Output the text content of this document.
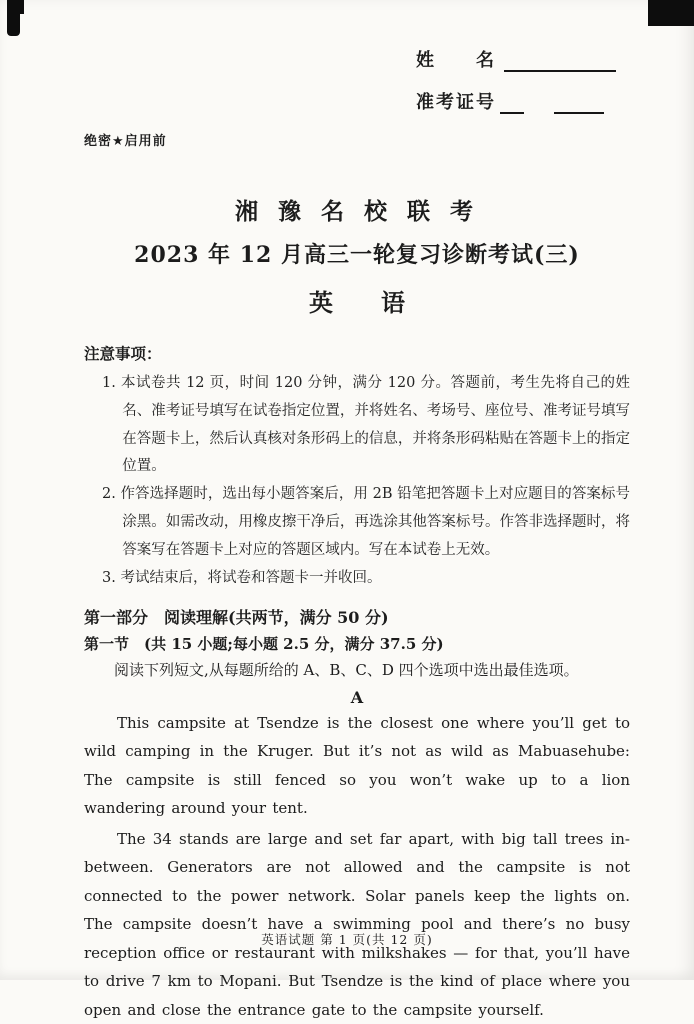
姓　　名
准考证号
绝密★启用前
湘 豫 名 校 联 考
2023 年 12 月高三一轮复习诊断考试(三)
英　　语
注意事项：
1. 本试卷共 12 页，时间 120 分钟，满分 120 分。答题前，考生先将自己的姓名、准考证号填写在试卷指定位置，并将姓名、考场号、座位号、准考证号填写在答题卡上，然后认真核对条形码上的信息，并将条形码粘贴在答题卡上的指定位置。
2. 作答选择题时，选出每小题答案后，用 2B 铅笔把答题卡上对应题目的答案标号涂黑。如需改动，用橡皮擦干净后，再选涂其他答案标号。作答非选择题时，将答案写在答题卡上对应的答题区域内。写在本试卷上无效。
3. 考试结束后，将试卷和答题卡一并收回。
第一部分　阅读理解(共两节，满分 50 分)
第一节　(共 15 小题;每小题 2.5 分，满分 37.5 分)
阅读下列短文,从每题所给的 A、B、C、D 四个选项中选出最佳选项。
A

This campsite at Tsendze is the closest one where you’ll get to wild camping in the Kruger. But it’s not as wild as Mabuasehube: The campsite is still fenced so you won’t wake up to a lion wandering around your tent.

The 34 stands are large and set far apart, with big tall trees in-between. Generators are not allowed and the campsite is not connected to the power network. Solar panels keep the lights on. The campsite doesn’t have a swimming pool and there’s no busy reception office or restaurant with milkshakes — for that, you’ll have to drive 7 km to Mopani. But Tsendze is the kind of place where you open and close the entrance gate to the campsite yourself.

英语试题 第 1 页(共 12 页)
